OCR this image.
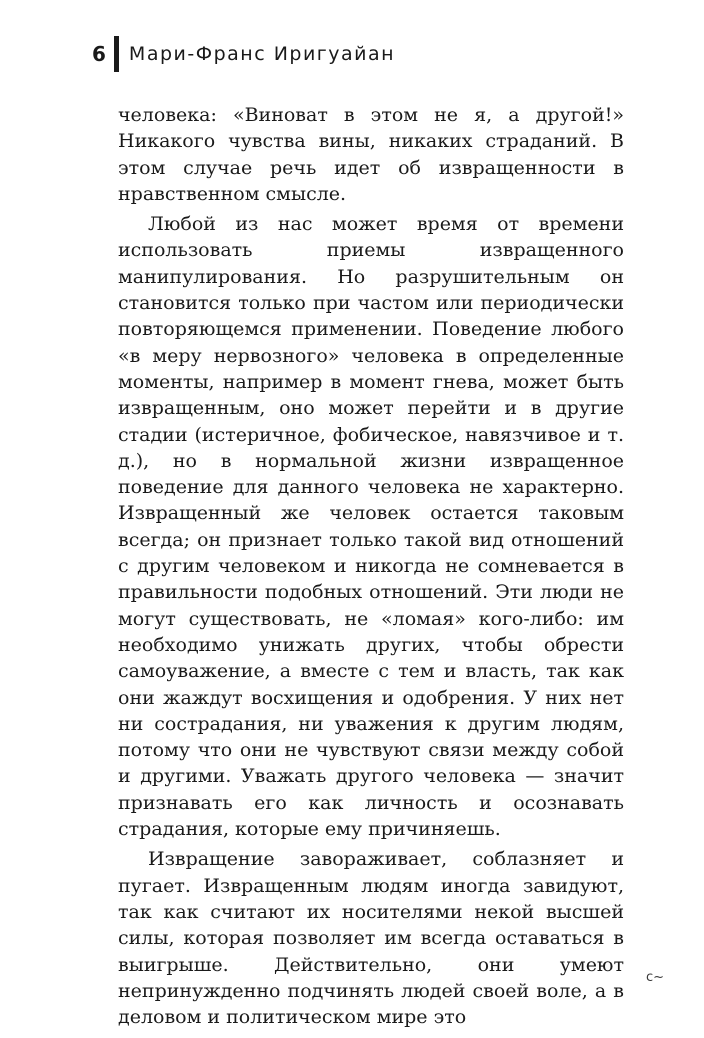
6 Мари-Франс Иригуайан

человека: «Виноват в этом не я, а другой!» Никакого чувства вины, никаких страданий. В этом случае речь идет об извращенности в нравственном смысле.

Любой из нас может время от времени использовать приемы извращенного манипулирования. Но разрушительным он становится только при частом или периодически повторяющемся применении. Поведение любого «в меру нервозного» человека в определенные моменты, например в момент гнева, может быть извращенным, оно может перейти и в другие стадии (истеричное, фобическое, навязчивое и т. д.), но в нормальной жизни извращенное поведение для данного человека не характерно. Извращенный же человек остается таковым всегда; он признает только такой вид отношений с другим человеком и никогда не сомневается в правильности подобных отношений. Эти люди не могут существовать, не «ломая» кого-либо: им необходимо унижать других, чтобы обрести самоуважение, а вместе с тем и власть, так как они жаждут восхищения и одобрения. У них нет ни сострадания, ни уважения к другим людям, потому что они не чувствуют связи между собой и другими. Уважать другого человека — значит признавать его как личность и осознавать страдания, которые ему причиняешь.

Извращение завораживает, соблазняет и пугает. Извращенным людям иногда завидуют, так как считают их носителями некой высшей силы, которая позволяет им всегда оставаться в выигрыше. Действительно, они умеют непринужденно подчинять людей своей воле, а в деловом и политическом мире это

c~
